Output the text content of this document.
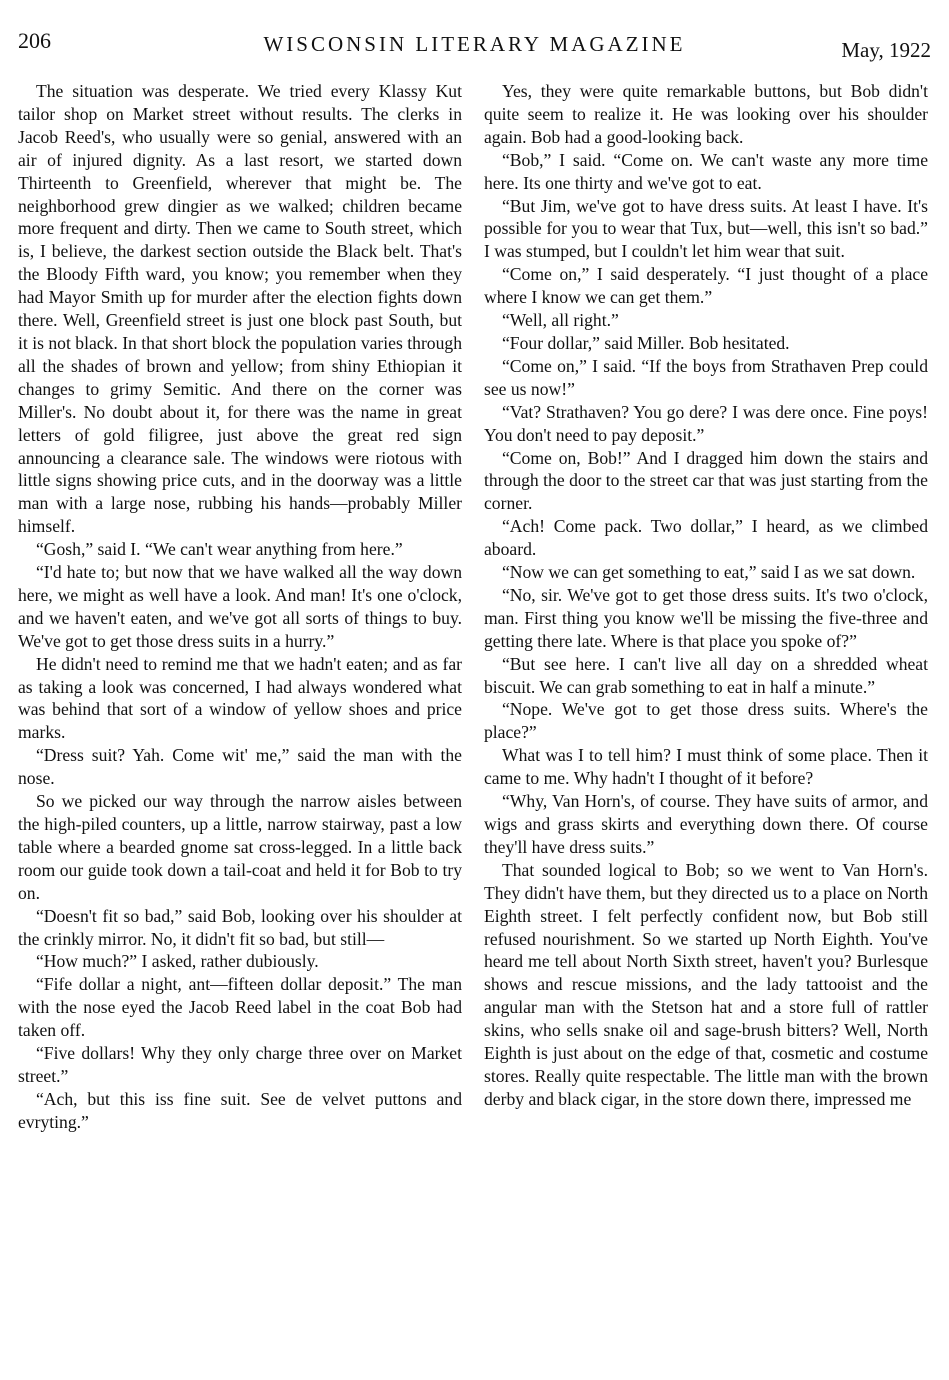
206	WISCONSIN LITERARY MAGAZINE	May, 1922

The situation was desperate. We tried every Klassy Kut tailor shop on Market street without results. The clerks in Jacob Reed's, who usually were so genial, answered with an air of injured dignity. As a last resort, we started down Thirteenth to Greenfield, wherever that might be. The neighborhood grew dingier as we walked; children became more frequent and dirty. Then we came to South street, which is, I believe, the darkest section outside the Black belt. That's the Bloody Fifth ward, you know; you remember when they had Mayor Smith up for murder after the election fights down there. Well, Greenfield street is just one block past South, but it is not black. In that short block the population varies through all the shades of brown and yellow; from shiny Ethiopian it changes to grimy Semitic. And there on the corner was Miller's. No doubt about it, for there was the name in great letters of gold filigree, just above the great red sign announcing a clearance sale. The windows were riotous with little signs showing price cuts, and in the doorway was a little man with a large nose, rubbing his hands—probably Miller himself.

“Gosh,” said I. “We can't wear anything from here.”

“I'd hate to; but now that we have walked all the way down here, we might as well have a look. And man! It's one o'clock, and we haven't eaten, and we've got all sorts of things to buy. We've got to get those dress suits in a hurry.”

He didn't need to remind me that we hadn't eaten; and as far as taking a look was concerned, I had always wondered what was behind that sort of a window of yellow shoes and price marks.

“Dress suit? Yah. Come wit' me,” said the man with the nose.

So we picked our way through the narrow aisles between the high-piled counters, up a little, narrow stairway, past a low table where a bearded gnome sat cross-legged. In a little back room our guide took down a tail-coat and held it for Bob to try on.

“Doesn't fit so bad,” said Bob, looking over his shoulder at the crinkly mirror. No, it didn't fit so bad, but still—

“How much?” I asked, rather dubiously.

“Fife dollar a night, ant—fifteen dollar deposit.” The man with the nose eyed the Jacob Reed label in the coat Bob had taken off.

“Five dollars! Why they only charge three over on Market street.”

“Ach, but this iss fine suit. See de velvet puttons and evryting.”

Yes, they were quite remarkable buttons, but Bob didn't quite seem to realize it. He was looking over his shoulder again. Bob had a good-looking back.

“Bob,” I said. “Come on. We can't waste any more time here. Its one thirty and we've got to eat.

“But Jim, we've got to have dress suits. At least I have. It's possible for you to wear that Tux, but—well, this isn't so bad.” I was stumped, but I couldn't let him wear that suit.

“Come on,” I said desperately. “I just thought of a place where I know we can get them.”

“Well, all right.”

“Four dollar,” said Miller. Bob hesitated.

“Come on,” I said. “If the boys from Strathaven Prep could see us now!”

“Vat? Strathaven? You go dere? I was dere once. Fine poys! You don't need to pay deposit.”

“Come on, Bob!” And I dragged him down the stairs and through the door to the street car that was just starting from the corner.

“Ach! Come pack. Two dollar,” I heard, as we climbed aboard.

“Now we can get something to eat,” said I as we sat down.

“No, sir. We've got to get those dress suits. It's two o'clock, man. First thing you know we'll be missing the five-three and getting there late. Where is that place you spoke of?”

“But see here. I can't live all day on a shredded wheat biscuit. We can grab something to eat in half a minute.”

“Nope. We've got to get those dress suits. Where's the place?”

What was I to tell him? I must think of some place. Then it came to me. Why hadn't I thought of it before?

“Why, Van Horn's, of course. They have suits of armor, and wigs and grass skirts and everything down there. Of course they'll have dress suits.”

That sounded logical to Bob; so we went to Van Horn's. They didn't have them, but they directed us to a place on North Eighth street. I felt perfectly confident now, but Bob still refused nourishment. So we started up North Eighth. You've heard me tell about North Sixth street, haven't you? Burlesque shows and rescue missions, and the lady tattooist and the angular man with the Stetson hat and a store full of rattler skins, who sells snake oil and sage-brush bitters? Well, North Eighth is just about on the edge of that, cosmetic and costume stores. Really quite respectable. The little man with the brown derby and black cigar, in the store down there, impressed me
